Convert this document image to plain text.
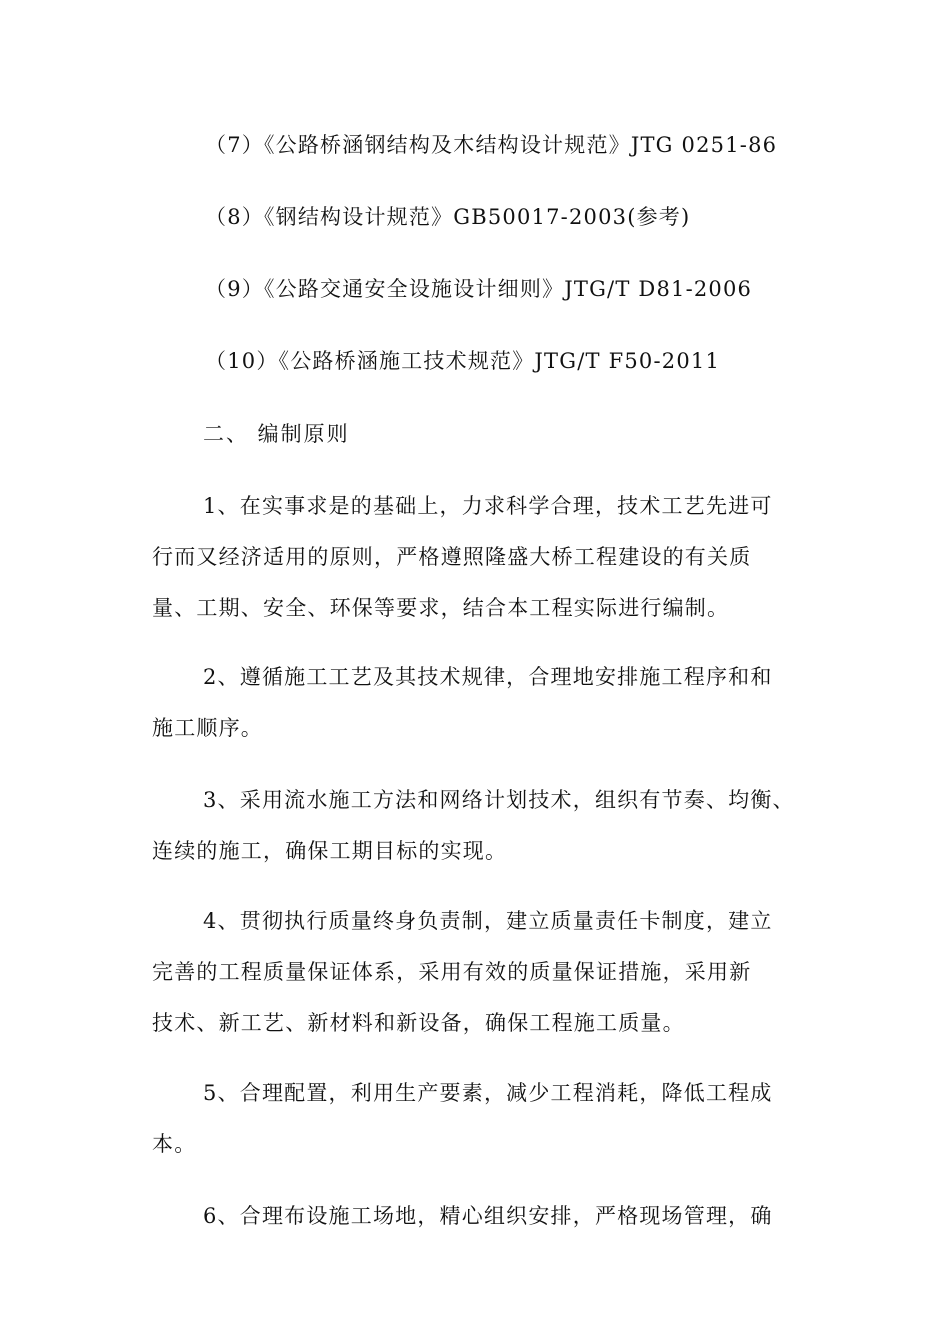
（7）《公路桥涵钢结构及木结构设计规范》JTG 0251-86
（8）《钢结构设计规范》GB50017-2003(参考)
（9）《公路交通安全设施设计细则》JTG/T D81-2006
（10）《公路桥涵施工技术规范》JTG/T F50-2011
二、 编制原则
1、在实事求是的基础上，力求科学合理，技术工艺先进可
行而又经济适用的原则，严格遵照隆盛大桥工程建设的有关质
量、工期、安全、环保等要求，结合本工程实际进行编制。
2、遵循施工工艺及其技术规律，合理地安排施工程序和和
施工顺序。
3、采用流水施工方法和网络计划技术，组织有节奏、均衡、
连续的施工，确保工期目标的实现。
4、贯彻执行质量终身负责制，建立质量责任卡制度，建立
完善的工程质量保证体系，采用有效的质量保证措施，采用新
技术、新工艺、新材料和新设备，确保工程施工质量。
5、合理配置，利用生产要素，减少工程消耗，降低工程成
本。
6、合理布设施工场地，精心组织安排，严格现场管理，确
